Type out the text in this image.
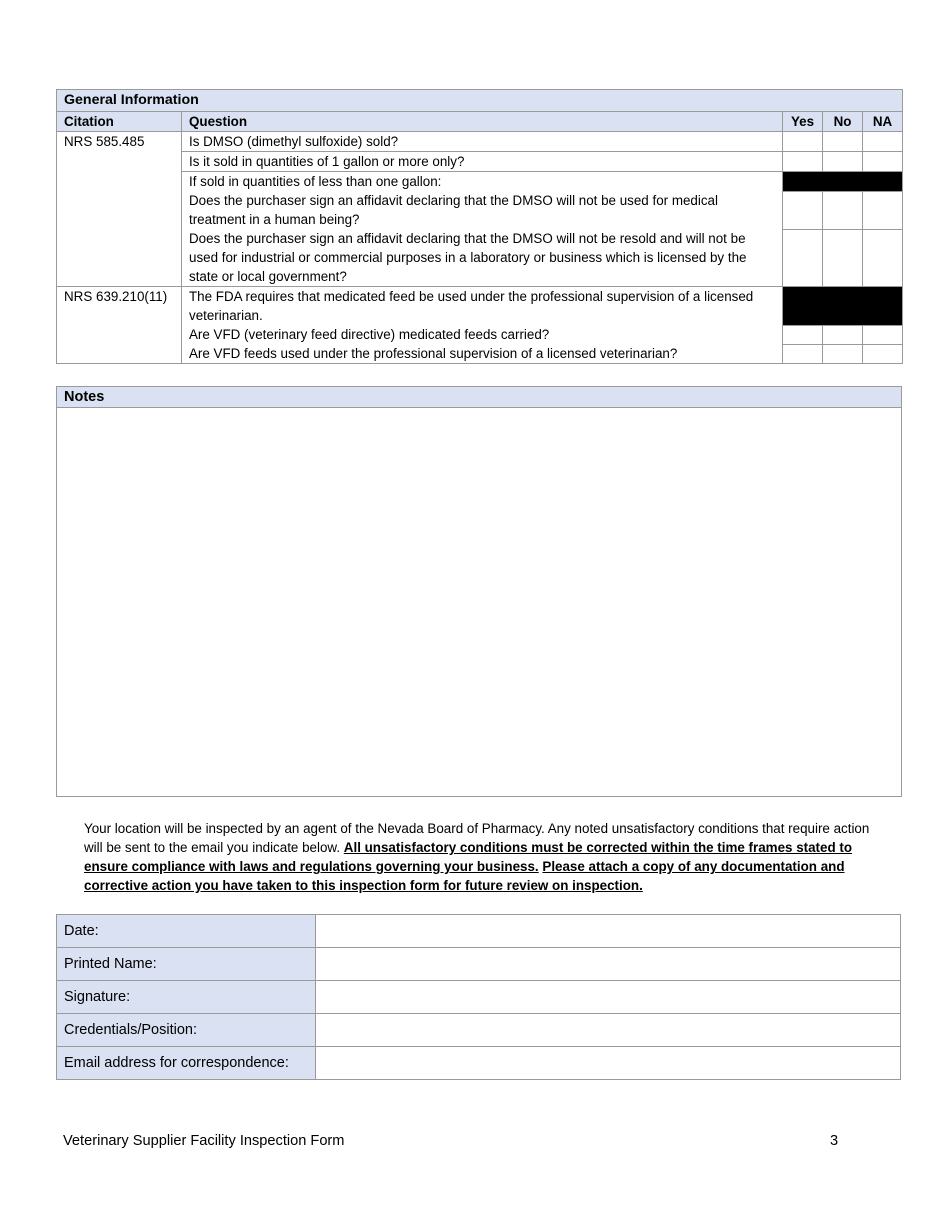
General Information				
Citation	Question	Yes	No	NA
NRS 585.485	Is DMSO (dimethyl sulfoxide) sold?			
	Is it sold in quantities of 1 gallon or more only?			
	If sold in quantities of less than one gallon:			
	Does the purchaser sign an affidavit declaring that the DMSO will not be used for medical treatment in a human being?			
	Does the purchaser sign an affidavit declaring that the DMSO will not be resold and will not be used for industrial or commercial purposes in a laboratory or business which is licensed by the state or local government?			
NRS 639.210(11)	The FDA requires that medicated feed be used under the professional supervision of a licensed veterinarian.			
	Are VFD (veterinary feed directive) medicated feeds carried?			
	Are VFD feeds used under the professional supervision of a licensed veterinarian?			
Notes
Your location will be inspected by an agent of the Nevada Board of Pharmacy. Any noted unsatisfactory conditions that require action will be sent to the email you indicate below. All unsatisfactory conditions must be corrected within the time frames stated to ensure compliance with laws and regulations governing your business. Please attach a copy of any documentation and corrective action you have taken to this inspection form for future review on inspection.
Date:	
Printed Name:	
Signature:	
Credentials/Position:	
Email address for correspondence:	
Veterinary Supplier Facility Inspection Form	3
